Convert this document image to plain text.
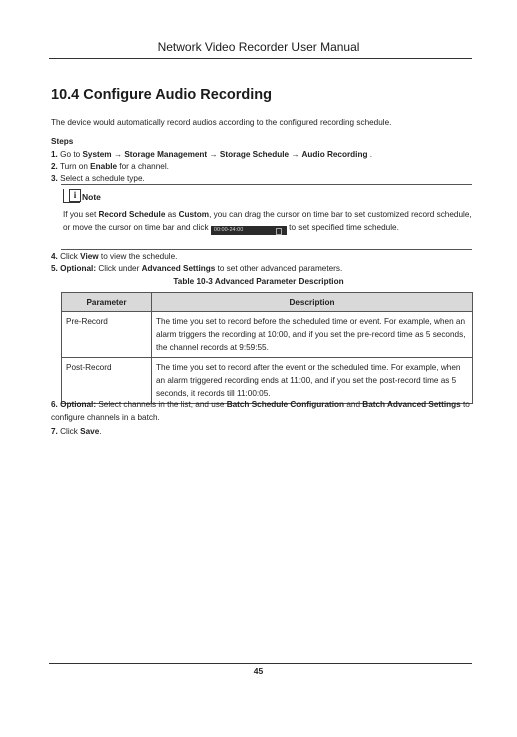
Network Video Recorder User Manual
10.4 Configure Audio Recording
The device would automatically record audios according to the configured recording schedule.
Steps
1. Go to System → Storage Management → Storage Schedule → Audio Recording .
2. Turn on Enable for a channel.
3. Select a schedule type.
i Note
If you set Record Schedule as Custom, you can drag the cursor on time bar to set customized record schedule, or move the cursor on time bar and click 00:00-24:00	to set specified time schedule.
4. Click View to view the schedule.
5. Optional: Click under Advanced Settings to set other advanced parameters.
Table 10-3 Advanced Parameter Description
Parameter	Description
Pre-Record	The time you set to record before the scheduled time or event. For example, when an alarm triggers the recording at 10:00, and if you set the pre-record time as 5 seconds, the channel records at 9:59:55.
Post-Record	The time you set to record after the event or the scheduled time. For example, when an alarm triggered recording ends at 11:00, and if you set the post-record time as 5 seconds, it records till 11:00:05.
6. Optional: Select channels in the list, and use Batch Schedule Configuration and Batch Advanced Settings to configure channels in a batch.
7. Click Save.
45
